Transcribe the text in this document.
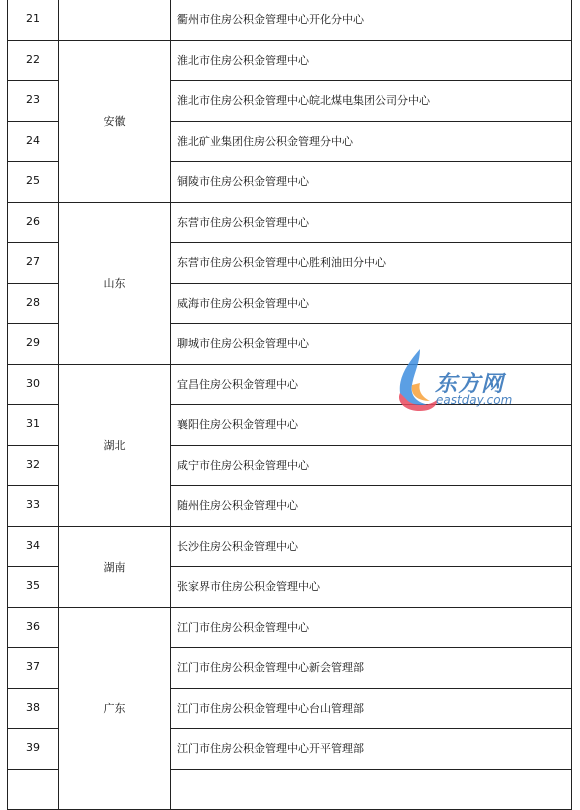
21		衢州市住房公积金管理中心开化分中心
22	安徽	淮北市住房公积金管理中心
23		淮北市住房公积金管理中心皖北煤电集团公司分中心
24		淮北矿业集团住房公积金管理分中心
25		铜陵市住房公积金管理中心
26	山东	东营市住房公积金管理中心
27		东营市住房公积金管理中心胜利油田分中心
28		威海市住房公积金管理中心
29		聊城市住房公积金管理中心
30	湖北	宜昌住房公积金管理中心
31		襄阳住房公积金管理中心
32		咸宁市住房公积金管理中心
33		随州住房公积金管理中心
34	湖南	长沙住房公积金管理中心
35		张家界市住房公积金管理中心
36	广东	江门市住房公积金管理中心
37		江门市住房公积金管理中心新会管理部
38		江门市住房公积金管理中心台山管理部
39		江门市住房公积金管理中心开平管理部

东方网
eastday.com
